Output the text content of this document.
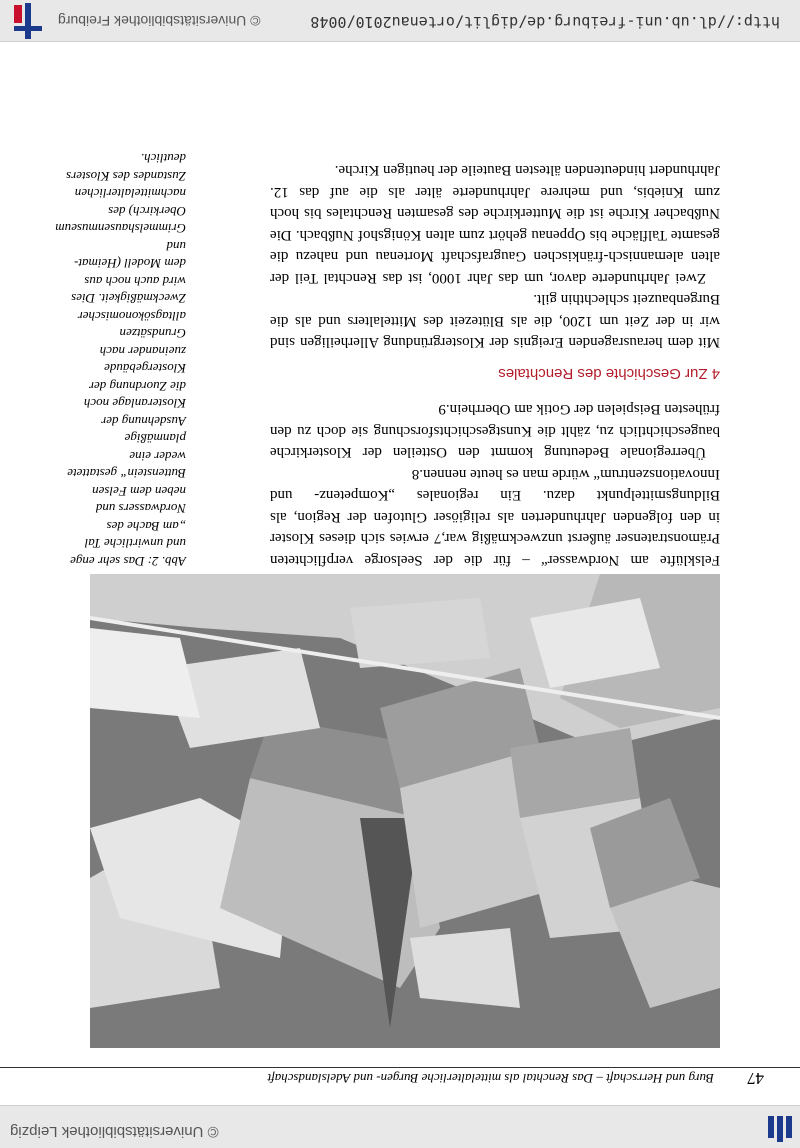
© Universitätsbibliothek Leipzig
47
Burg und Herrschaft – Das Renchtal als mittelalterliche Burgen- und Adelslandschaft

Abb. 2: Das sehr enge und unwirtliche Tal „am Bache des Nordwassers und neben dem Felsen Buttenstein“ gestattete weder eine planmäßige Ausdehnung der Klosteranlage noch die Zuordnung der Klostergebäude zueinander nach Grundsätzen alltagsökonomischer Zweckmäßigkeit. Dies wird auch noch aus dem Modell (Heimat- und Grimmelshausenmuseum Oberkirch) des nachmittelalterlichen Zustandes des Klosters deutlich.

Felsklüfte am Nordwasser“ – für die der Seelsorge verpflichteten Prämonstratenser äußerst unzweckmäßig war,7 erwies sich dieses Kloster in den folgenden Jahrhunderten als religiöser Glutofen der Region, als Bildungsmittelpunkt dazu. Ein regionales „Kompetenz- und Innovationszentrum“ würde man es heute nennen.8

Überregionale Bedeutung kommt den Ostteilen der Klosterkirche baugeschichtlich zu, zählt die Kunstgeschichtsforschung sie doch zu den frühesten Beispielen der Gotik am Oberrhein.9

4 Zur Geschichte des Renchtales

Mit dem herausragenden Ereignis der Klostergründung Allerheiligen sind wir in der Zeit um 1200, die als Blütezeit des Mittelalters und als die Burgenbauzeit schlechthin gilt.

Zwei Jahrhunderte davor, um das Jahr 1000, ist das Renchtal Teil der alten alemannisch-fränkischen Gaugrafschaft Mortenau und nahezu die gesamte Talfläche bis Oppenau gehört zum alten Königshof Nußbach. Die Nußbacher Kirche ist die Mutterkirche des gesamten Renchtales bis hoch zum Kniebis, und mehrere Jahrhunderte älter als die auf das 12. Jahrhundert hindeutenden ältesten Bauteile der heutigen Kirche.

http://dl.ub.uni-freiburg.de/diglit/ortenau2010/0048
© Universitätsbibliothek Freiburg
